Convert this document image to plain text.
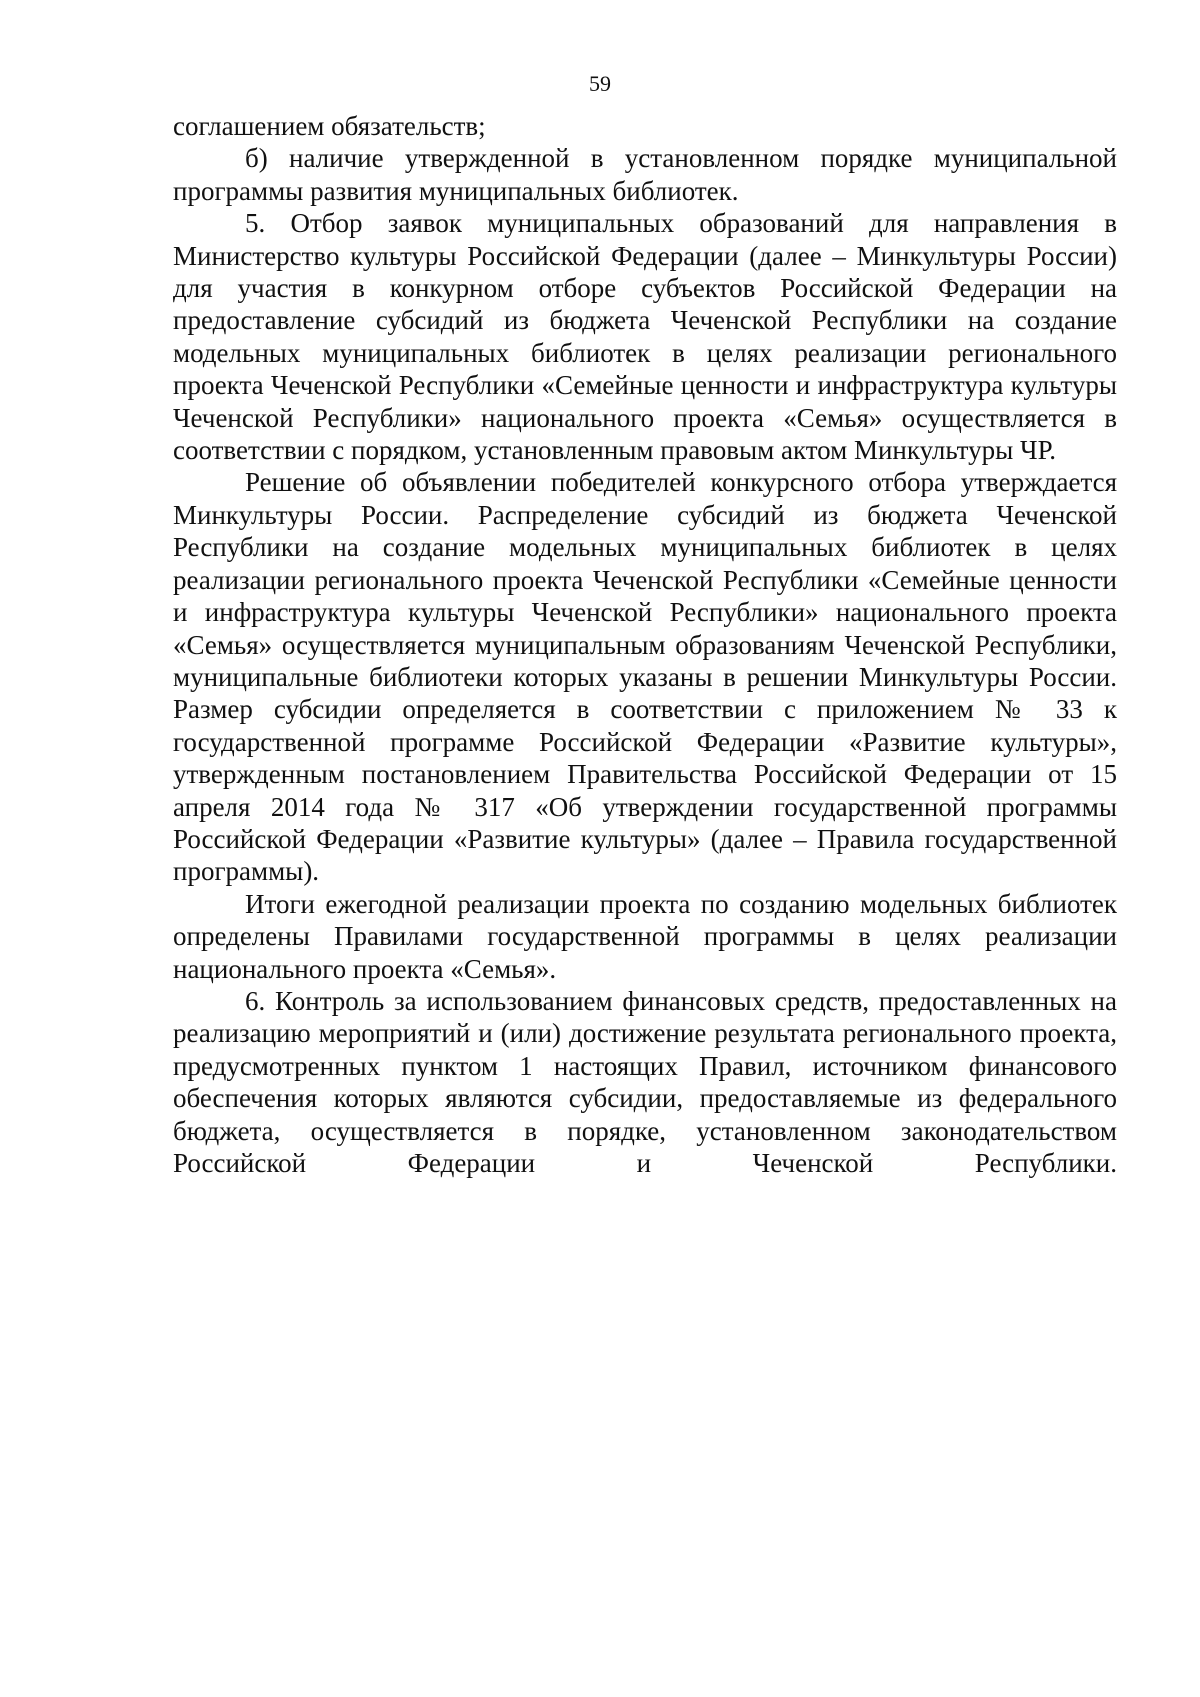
59

соглашением обязательств;

б) наличие утвержденной в установленном порядке муниципальной программы развития муниципальных библиотек.

5. Отбор заявок муниципальных образований для направления в Министерство культуры Российской Федерации (далее – Минкультуры России) для участия в конкурном отборе субъектов Российской Федерации на предоставление субсидий из бюджета Чеченской Республики на создание модельных муниципальных библиотек в целях реализации регионального проекта Чеченской Республики «Семейные ценности и инфраструктура культуры Чеченской Республики» национального проекта «Семья» осуществляется в соответствии с порядком, установленным правовым актом Минкультуры ЧР.

Решение об объявлении победителей конкурсного отбора утверждается Минкультуры России. Распределение субсидий из бюджета Чеченской Республики на создание модельных муниципальных библиотек в целях реализации регионального проекта Чеченской Республики «Семейные ценности и инфраструктура культуры Чеченской Республики» национального проекта «Семья» осуществляется муниципальным образованиям Чеченской Республики, муниципальные библиотеки которых указаны в решении Минкультуры России. Размер субсидии определяется в соответствии с приложением № 33 к государственной программе Российской Федерации «Развитие культуры», утвержденным постановлением Правительства Российской Федерации от 15 апреля 2014 года № 317 «Об утверждении государственной программы Российской Федерации «Развитие культуры» (далее – Правила государственной программы).

Итоги ежегодной реализации проекта по созданию модельных библиотек определены Правилами государственной программы в целях реализации национального проекта «Семья».

6. Контроль за использованием финансовых средств, предоставленных на реализацию мероприятий и (или) достижение результата регионального проекта, предусмотренных пунктом 1 настоящих Правил, источником финансового обеспечения которых являются субсидии, предоставляемые из федерального бюджета, осуществляется в порядке, установленном законодательством Российской Федерации и Чеченской Республики.
